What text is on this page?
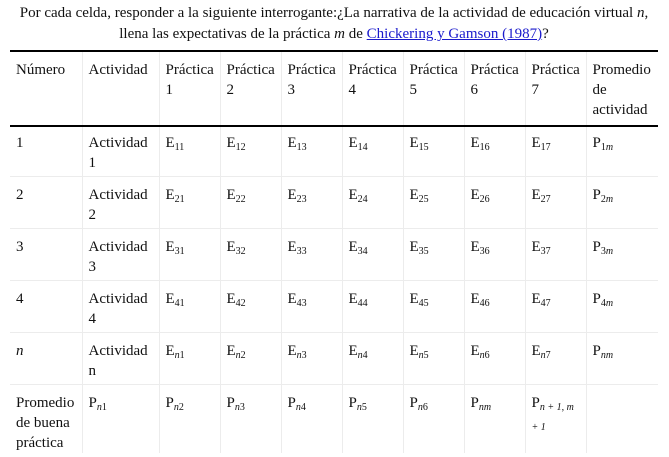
Por cada celda, responder a la siguiente interrogante:¿La narrativa de la actividad de educación virtual n, llena las expectativas de la práctica m de Chickering y Gamson (1987)?
Número	Actividad	Práctica 1	Práctica 2	Práctica 3	Práctica 4	Práctica 5	Práctica 6	Práctica 7	Promedio de actividad
1	Actividad 1	$E_{11}$	$E_{12}$	$E_{13}$	$E_{14}$	$E_{15}$	$E_{16}$	$E_{17}$	$P_{1m}$
2	Actividad 2	$E_{21}$	$E_{22}$	$E_{23}$	$E_{24}$	$E_{25}$	$E_{26}$	$E_{27}$	$P_{2m}$
3	Actividad 3	$E_{31}$	$E_{32}$	$E_{33}$	$E_{34}$	$E_{35}$	$E_{36}$	$E_{37}$	$P_{3m}$
4	Actividad 4	$E_{41}$	$E_{42}$	$E_{43}$	$E_{44}$	$E_{45}$	$E_{46}$	$E_{47}$	$P_{4m}$
n	Actividad n	$E_{n1}$	$E_{n2}$	$E_{n3}$	$E_{n4}$	$E_{n5}$	$E_{n6}$	$E_{n7}$	$P_{nm}$
Promedio de buena práctica	$P_{n1}$	$P_{n2}$	$P_{n3}$	$P_{n4}$	$P_{n5}$	$P_{n6}$	$P_{nm}$	$P_{n + 1, m + 1}$	
